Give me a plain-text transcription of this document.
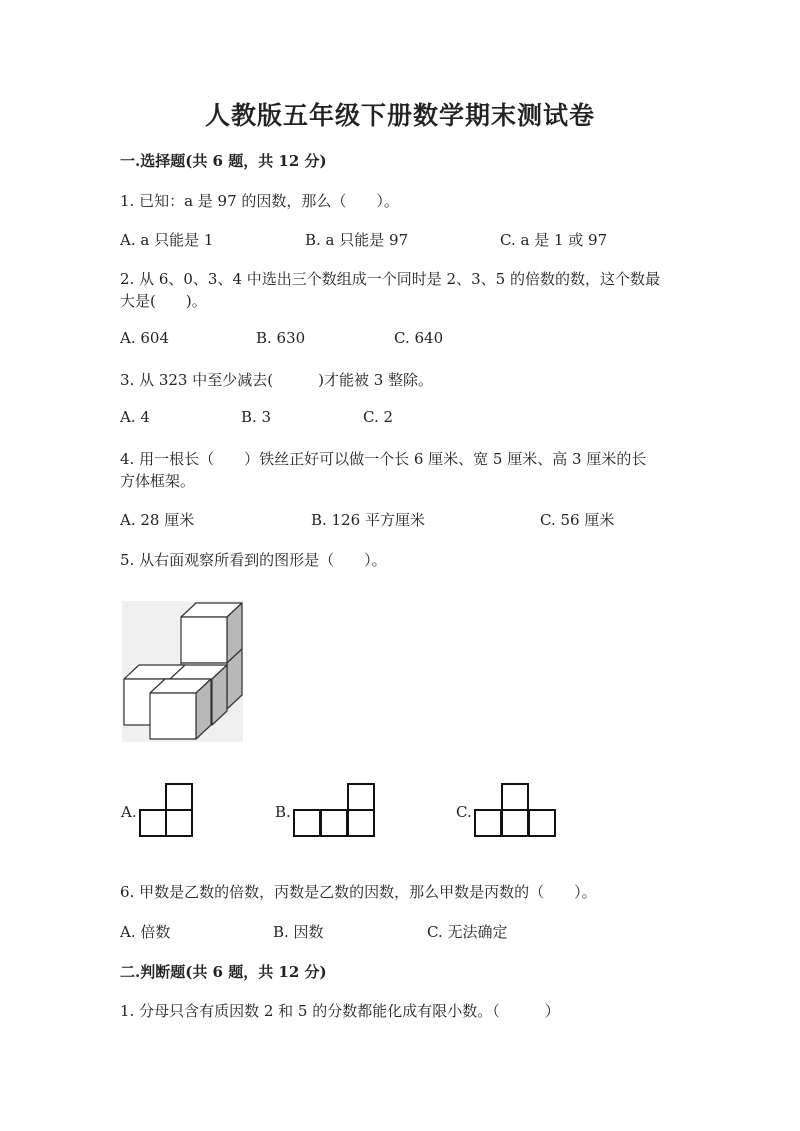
人教版五年级下册数学期末测试卷
一.选择题(共 6 题，共 12 分)
1. 已知：a 是 97 的因数，那么（　　）。
A. a 只能是 1	B. a 只能是 97	C. a 是 1 或 97
2. 从 6、0、3、4 中选出三个数组成一个同时是 2、3、5 的倍数的数，这个数最
大是(　　)。
A. 604	B. 630	C. 640
3. 从 323 中至少减去(　　　)才能被 3 整除。
A. 4	B. 3	C. 2
4. 用一根长（　　）铁丝正好可以做一个长 6 厘米、宽 5 厘米、高 3 厘米的长
方体框架。
A. 28 厘米	B. 126 平方厘米	C. 56 厘米
5. 从右面观察所看到的图形是（　　）。
A.	B.	C.
6. 甲数是乙数的倍数，丙数是乙数的因数，那么甲数是丙数的（　　）。
A. 倍数	B. 因数	C. 无法确定
二.判断题(共 6 题，共 12 分)
1. 分母只含有质因数 2 和 5 的分数都能化成有限小数。（　　　）
